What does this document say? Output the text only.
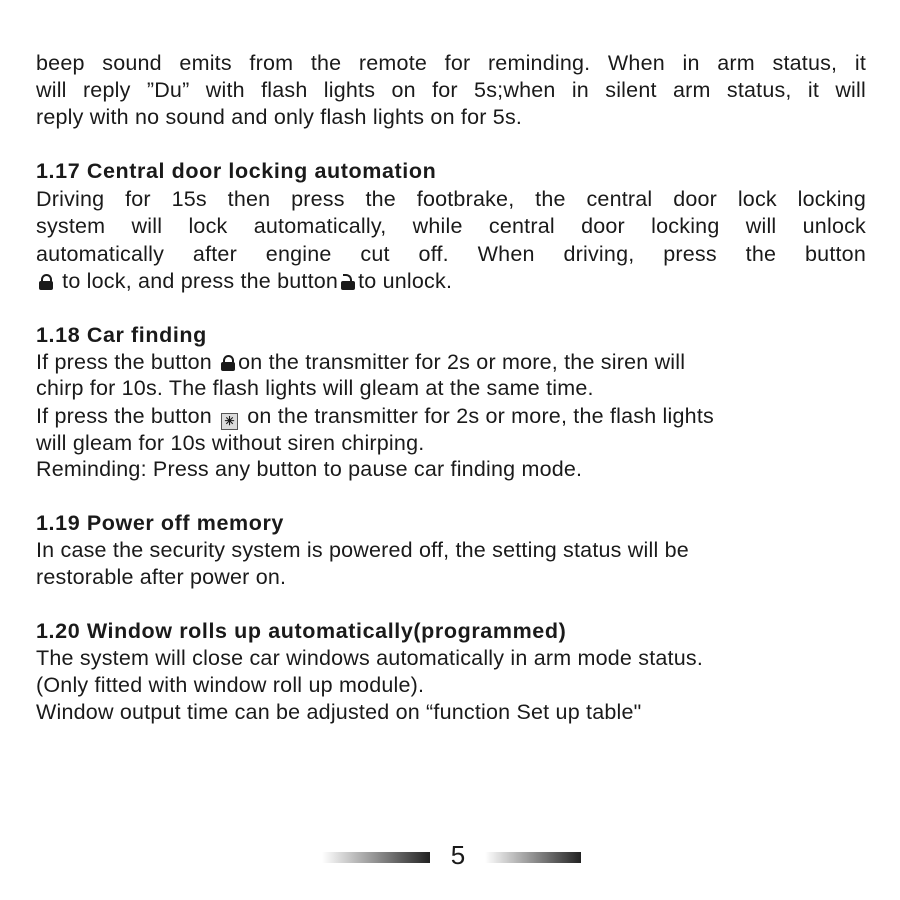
beep sound emits from the remote for reminding. When in arm status, it
will reply ”Du” with flash lights on for 5s;when in silent arm status, it will
reply with no sound and only flash lights on for 5s.
1.17 Central door locking automation
Driving for 15s then press the footbrake, the central door lock locking
system will lock automatically, while central door locking will unlock
automatically after engine cut off. When driving, press the button
to lock, and press the button to unlock.
1.18 Car finding
If press the button on the transmitter for 2s or more, the siren will
chirp for 10s. The flash lights will gleam at the same time.
If press the button ✳ on the transmitter for 2s or more, the flash lights
will gleam for 10s without siren chirping.
Reminding: Press any button to pause car finding mode.
1.19 Power off memory
In case the security system is powered off, the setting status will be
restorable after power on.
1.20 Window rolls up automatically(programmed)
The system will close car windows automatically in arm mode status.
(Only fitted with window roll up module).
Window output time can be adjusted on “function Set up table"
5
